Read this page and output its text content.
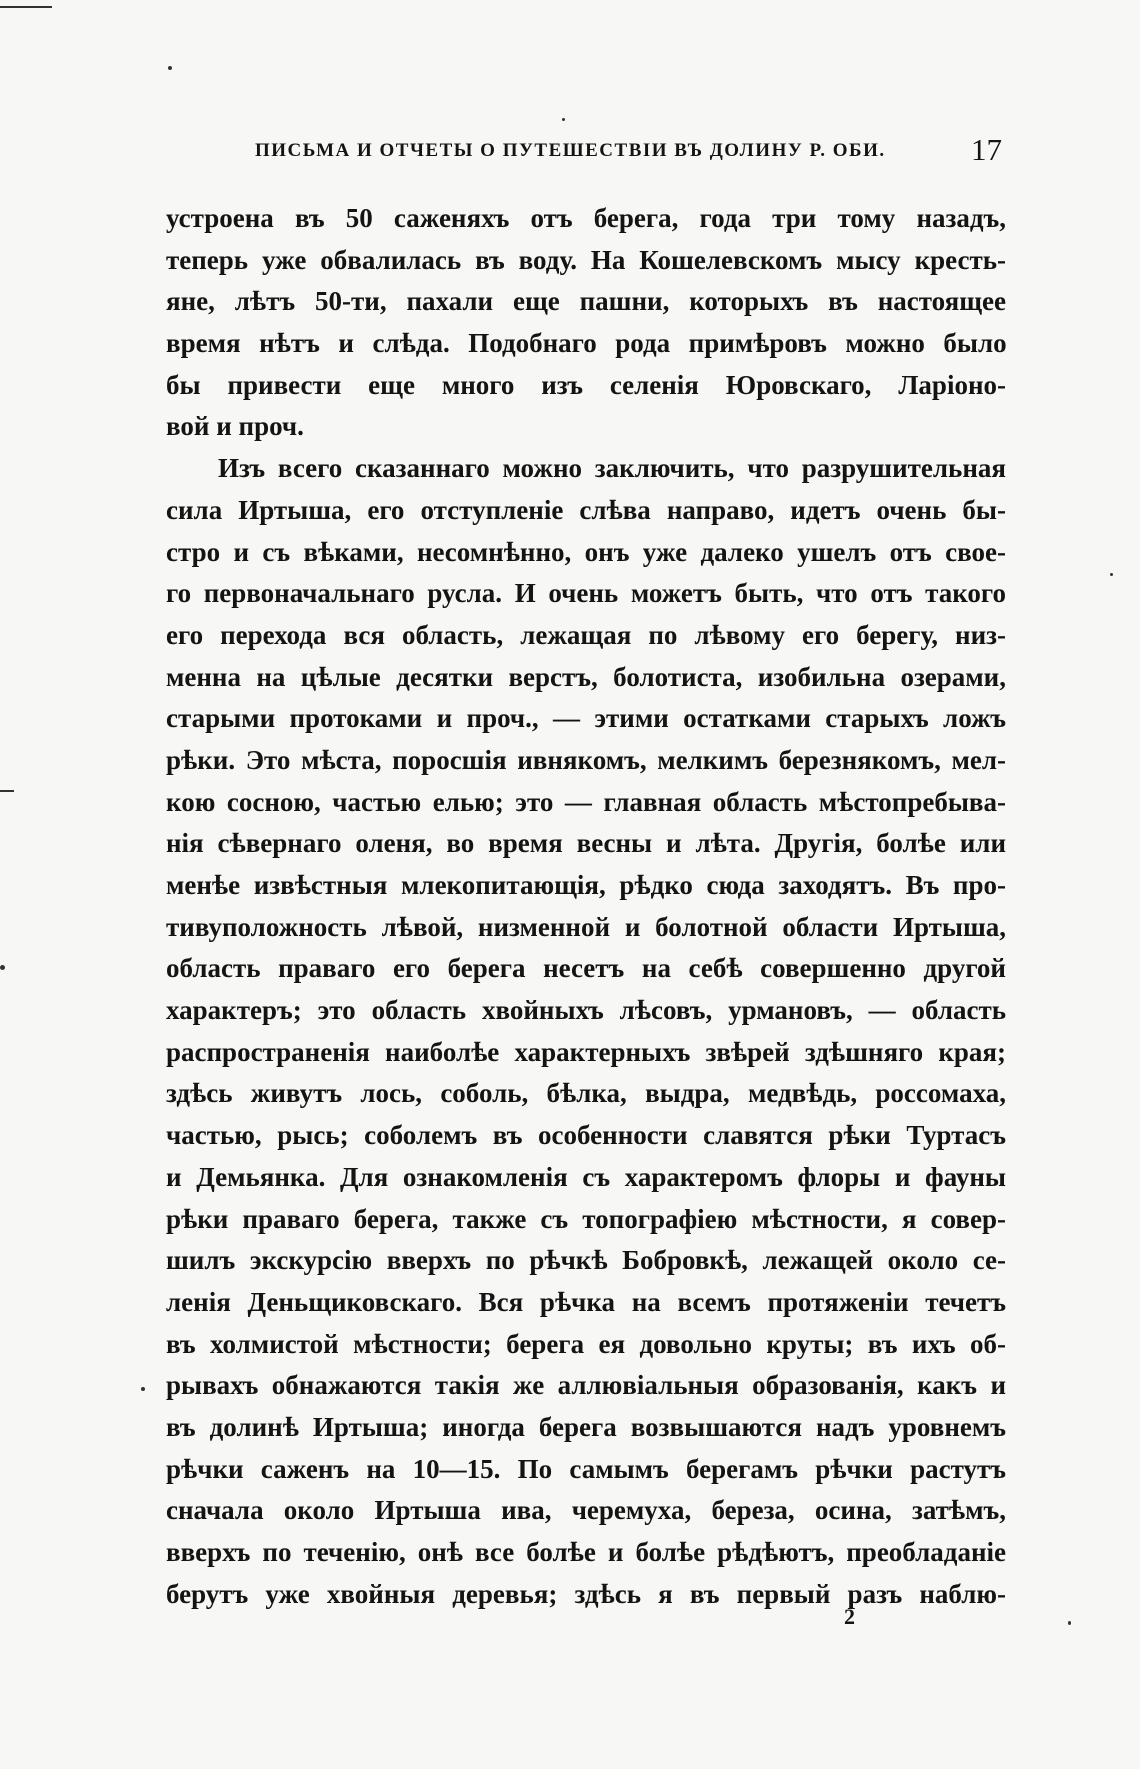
ПИСЬМА И ОТЧЕТЫ О ПУТЕШЕСТВІИ ВЪ ДОЛИНУ Р. ОБИ.	17
устроена въ 50 саженяхъ отъ берега, года три тому назадъ,
теперь уже обвалилась въ воду. На Кошелевскомъ мысу кресть-
яне, лѣтъ 50-ти, пахали еще пашни, которыхъ въ настоящее
время нѣтъ и слѣда. Подобнаго рода примѣровъ можно было
бы привести еще много изъ селенія Юровскаго, Ларіоно-
вой и проч.
Изъ всего сказаннаго можно заключить, что разрушительная
сила Иртыша, его отступленіе слѣва направо, идетъ очень бы-
стро и съ вѣками, несомнѣнно, онъ уже далеко ушелъ отъ свое-
го первоначальнаго русла. И очень можетъ быть, что отъ такого
его перехода вся область, лежащая по лѣвому его берегу, низ-
менна на цѣлые десятки верстъ, болотиста, изобильна озерами,
старыми протоками и проч., — этими остатками старыхъ ложъ
рѣки. Это мѣста, поросшія ивнякомъ, мелкимъ березнякомъ, мел-
кою сосною, частью елью; это — главная область мѣстопребыва-
нія сѣвернаго оленя, во время весны и лѣта. Другія, болѣе или
менѣе извѣстныя млекопитающія, рѣдко сюда заходятъ. Въ про-
тивуположность лѣвой, низменной и болотной области Иртыша,
область праваго его берега несетъ на себѣ совершенно другой
характеръ; это область хвойныхъ лѣсовъ, урмановъ, — область
распространенія наиболѣе характерныхъ звѣрей здѣшняго края;
здѣсь живутъ лось, соболь, бѣлка, выдра, медвѣдь, россомаха,
частью, рысь; соболемъ въ особенности славятся рѣки Туртасъ
и Демьянка. Для ознакомленія съ характеромъ флоры и фауны
рѣки праваго берега, также съ топографіею мѣстности, я совер-
шилъ экскурсію вверхъ по рѣчкѣ Бобровкѣ, лежащей около се-
ленія Деньщиковскаго. Вся рѣчка на всемъ протяженіи течетъ
въ холмистой мѣстности; берега ея довольно круты; въ ихъ об-
рывахъ обнажаются такія же аллювіальныя образованія, какъ и
въ долинѣ Иртыша; иногда берега возвышаются надъ уровнемъ
рѣчки саженъ на 10—15. По самымъ берегамъ рѣчки растутъ
сначала около Иртыша ива, черемуха, береза, осина, затѣмъ,
вверхъ по теченію, онѣ все болѣе и болѣе рѣдѣютъ, преобладаніе
берутъ уже хвойныя деревья; здѣсь я въ первый разъ наблю-
2
